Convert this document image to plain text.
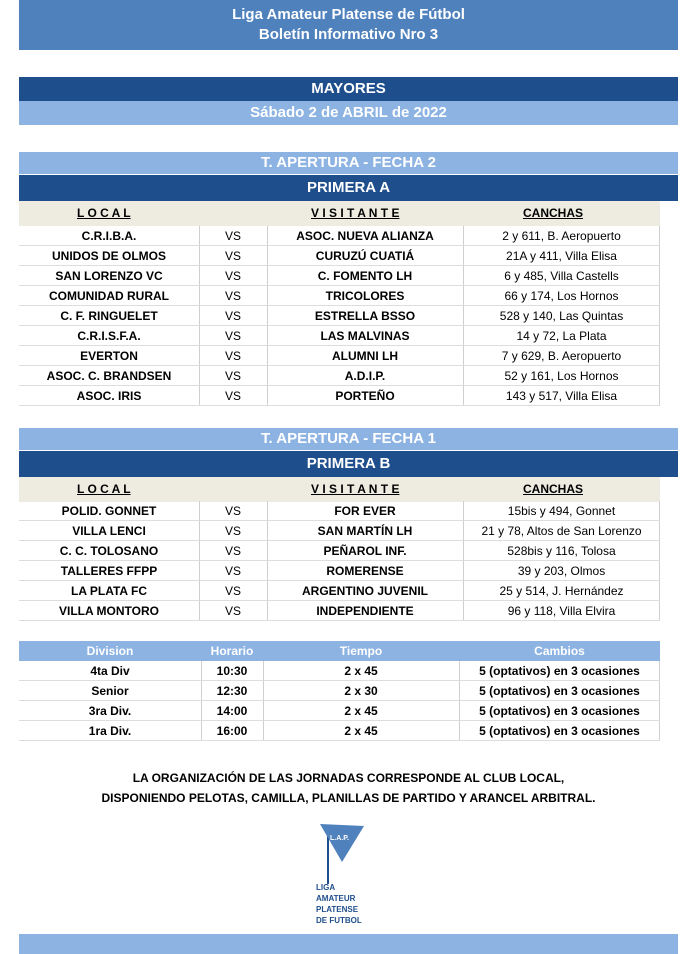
Liga Amateur Platense de Fútbol
Boletín Informativo Nro 3
MAYORES
Sábado 2 de ABRIL de 2022
T. APERTURA - FECHA 2
PRIMERA A
L O C A L	V I S I T A N T E	CANCHAS
C.R.I.B.A.	VS	ASOC. NUEVA ALIANZA	2 y 611, B. Aeropuerto
UNIDOS DE OLMOS	VS	CURUZÚ CUATIÁ	21A y 411, Villa Elisa
SAN LORENZO VC	VS	C. FOMENTO LH	6 y 485, Villa Castells
COMUNIDAD RURAL	VS	TRICOLORES	66 y 174, Los Hornos
C. F. RINGUELET	VS	ESTRELLA BSSO	528 y 140, Las Quintas
C.R.I.S.F.A.	VS	LAS MALVINAS	14 y 72, La Plata
EVERTON	VS	ALUMNI LH	7 y 629, B. Aeropuerto
ASOC. C. BRANDSEN	VS	A.D.I.P.	52 y 161, Los Hornos
ASOC. IRIS	VS	PORTEÑO	143 y 517, Villa Elisa
T. APERTURA - FECHA 1
PRIMERA B
L O C A L	V I S I T A N T E	CANCHAS
POLID. GONNET	VS	FOR EVER	15bis y 494, Gonnet
VILLA LENCI	VS	SAN MARTÍN LH	21 y 78, Altos de San Lorenzo
C. C. TOLOSANO	VS	PEÑAROL INF.	528bis y 116, Tolosa
TALLERES FFPP	VS	ROMERENSE	39 y 203, Olmos
LA PLATA FC	VS	ARGENTINO JUVENIL	25 y 514, J. Hernández
VILLA MONTORO	VS	INDEPENDIENTE	96 y 118, Villa Elvira
Division	Horario	Tiempo	Cambios
4ta Div	10:30	2 x 45	5 (optativos) en 3 ocasiones
Senior	12:30	2 x 30	5 (optativos) en 3 ocasiones
3ra Div.	14:00	2 x 45	5 (optativos) en 3 ocasiones
1ra Div.	16:00	2 x 45	5 (optativos) en 3 ocasiones
LA ORGANIZACIÓN DE LAS JORNADAS CORRESPONDE AL CLUB LOCAL,
DISPONIENDO PELOTAS, CAMILLA, PLANILLAS DE PARTIDO Y ARANCEL ARBITRAL.
L.A.P.
LIGA
AMATEUR
PLATENSE
DE FUTBOL
